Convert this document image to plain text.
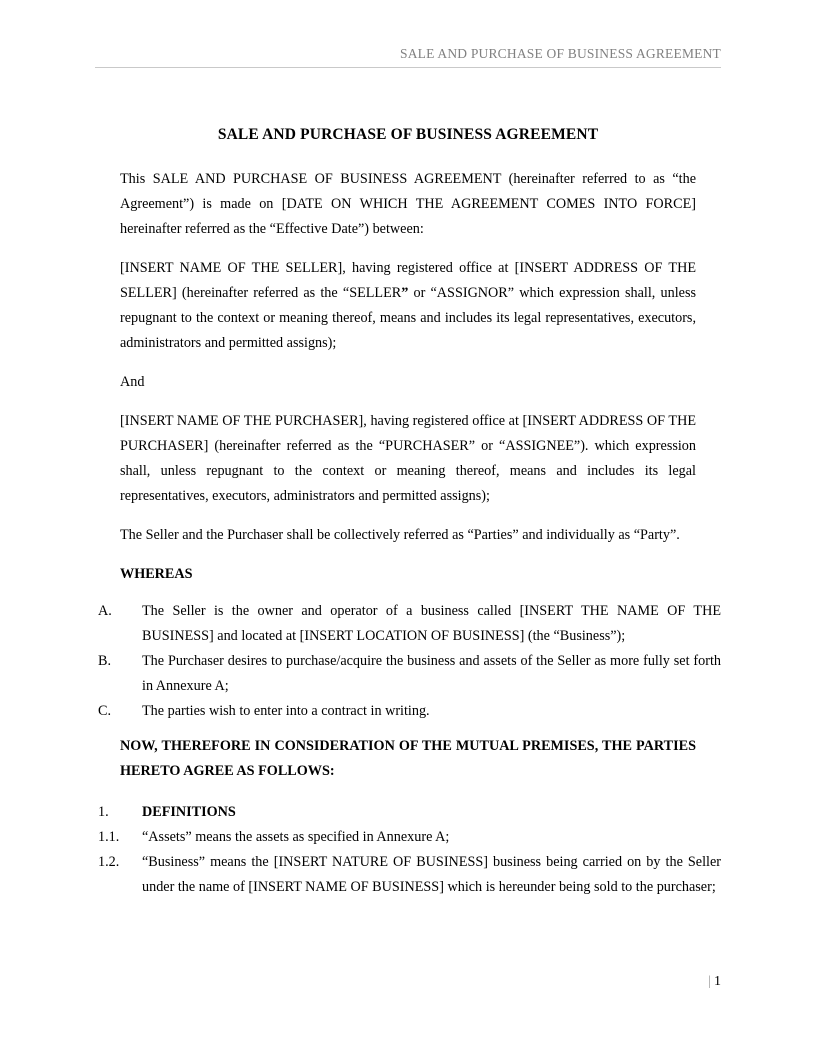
SALE AND PURCHASE OF BUSINESS AGREEMENT
SALE AND PURCHASE OF BUSINESS AGREEMENT

This SALE AND PURCHASE OF BUSINESS AGREEMENT (hereinafter referred to as “the Agreement”) is made on [DATE ON WHICH THE AGREEMENT COMES INTO FORCE] hereinafter referred as the “Effective Date”) between:

[INSERT NAME OF THE SELLER], having registered office at [INSERT ADDRESS OF THE SELLER] (hereinafter referred as the “SELLER” or “ASSIGNOR” which expression shall, unless repugnant to the context or meaning thereof, means and includes its legal representatives, executors, administrators and permitted assigns);

And

[INSERT NAME OF THE PURCHASER], having registered office at [INSERT ADDRESS OF THE PURCHASER] (hereinafter referred as the “PURCHASER” or “ASSIGNEE”). which expression shall, unless repugnant to the context or meaning thereof, means and includes its legal representatives, executors, administrators and permitted assigns);

The Seller and the Purchaser shall be collectively referred as “Parties” and individually as “Party”.

WHEREAS
A.	The Seller is the owner and operator of a business called [INSERT THE NAME OF THE BUSINESS] and located at [INSERT LOCATION OF BUSINESS] (the “Business”);
B.	The Purchaser desires to purchase/acquire the business and assets of the Seller as more fully set forth in Annexure A;
C.	The parties wish to enter into a contract in writing.
NOW, THEREFORE IN CONSIDERATION OF THE MUTUAL PREMISES, THE PARTIES HERETO AGREE AS FOLLOWS:
1.	DEFINITIONS
1.1.	“Assets” means the assets as specified in Annexure A;
1.2.	“Business” means the [INSERT NATURE OF BUSINESS] business being carried on by the Seller under the name of [INSERT NAME OF BUSINESS] which is hereunder being sold to the purchaser;
| 1
